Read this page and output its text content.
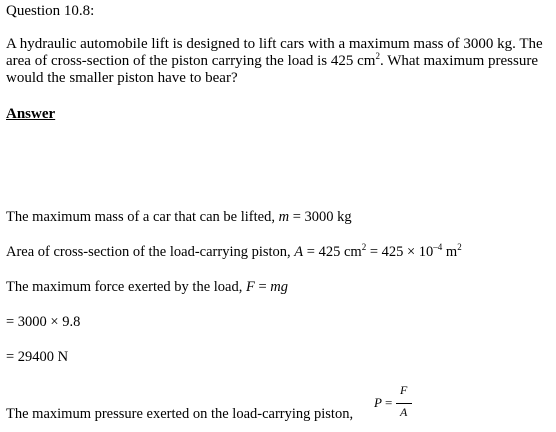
Question 10.8:
A hydraulic automobile lift is designed to lift cars with a maximum mass of 3000 kg. The area of cross-section of the piston carrying the load is 425 $cm^2$. What maximum pressure would the smaller piston have to bear?
Answer
The maximum mass of a car that can be lifted, m = 3000 kg
Area of cross-section of the load-carrying piston, A = 425 $cm^2 = 425 \times 10^{-4}$ $m^2$
The maximum force exerted by the load, F = mg
= 3000 × 9.8
= 29400 N
The maximum pressure exerted on the load-carrying piston,
P =
F
A
